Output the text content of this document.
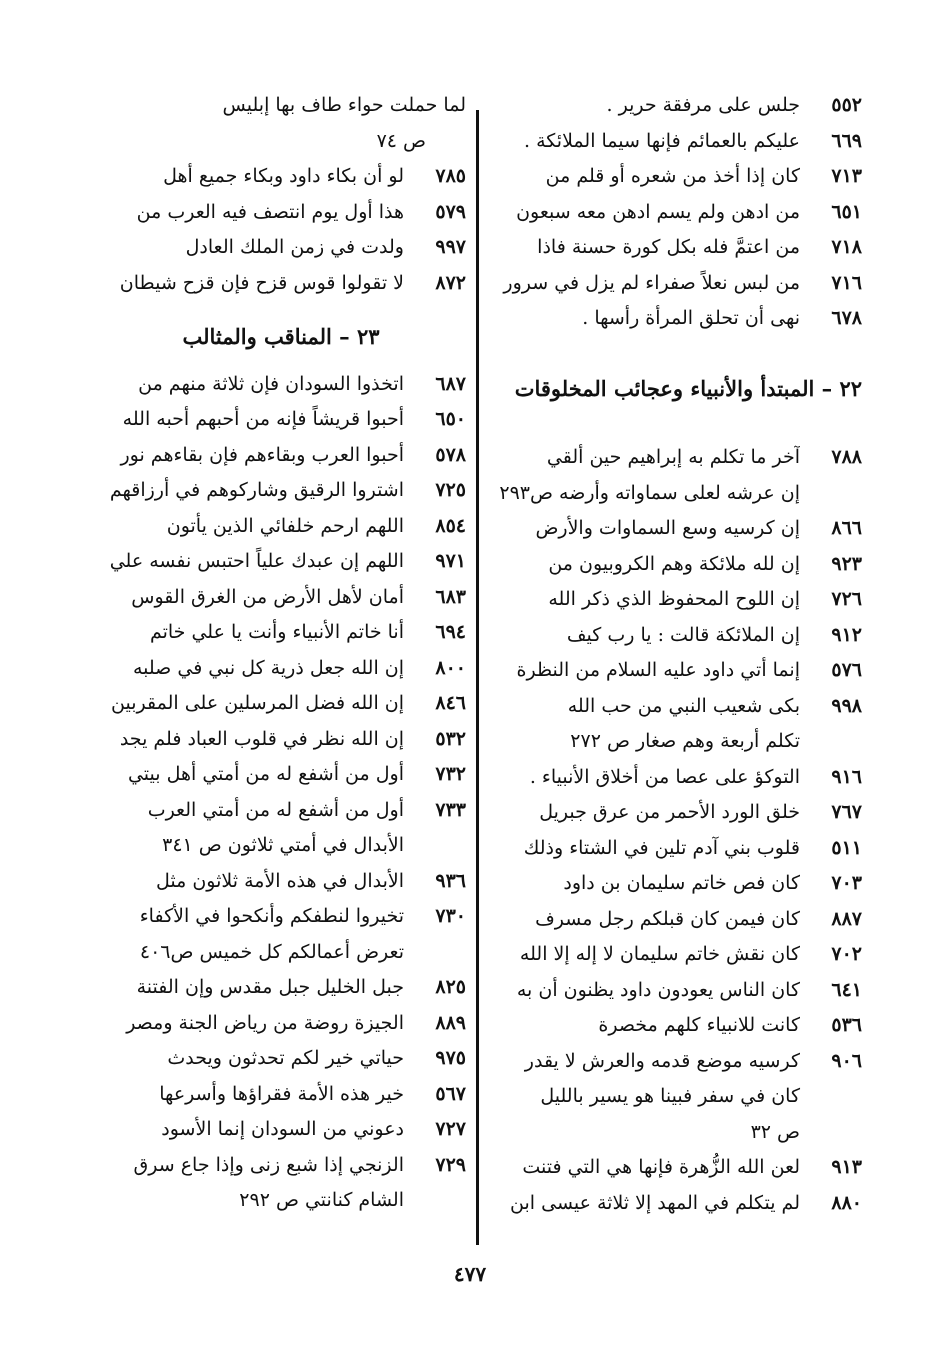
٥٥٢
جلس على مرفقة حرير .
٦٦٩
عليكم بالعمائم فإنها سيما الملائكة .
٧١٣
كان إذا أخذ من شعره أو قلم من
٦٥١
من ادهن ولم يسم ادهن معه سبعون
٧١٨
من اعتمَّ فله بكل كورة حسنة فاذا
٧١٦
من لبس نعلاً صفراء لم يزل في سرور
٦٧٨
نهى أن تحلق المرأة رأسها .
٢٢ – المبتدأ والأنبياء وعجائب المخلوقات
٧٨٨
آخر ما تكلم به إبراهيم حين ألقي
إن عرشه لعلى سماواته وأرضه ص٢٩٣
٨٦٦
إن كرسيه وسع السماوات والأرض
٩٢٣
إن لله ملائكة وهم الكروبيون من
٧٢٦
إن اللوح المحفوظ الذي ذكر الله
٩١٢
إن الملائكة قالت : يا رب كيف
٥٧٦
إنما أتي داود عليه السلام من النظرة
٩٩٨
بكى شعيب النبي من حب الله
تكلم أربعة وهم صغار ص ٢٧٢
٩١٦
التوكؤ على عصا من أخلاق الأنبياء .
٧٦٧
خلق الورد الأحمر من عرق جبريل
٥١١
قلوب بني آدم تلين في الشتاء وذلك
٧٠٣
كان فص خاتم سليمان بن داود
٨٨٧
كان فيمن كان قبلكم رجل مسرف
٧٠٢
كان نقش خاتم سليمان لا إله إلا الله
٦٤١
كان الناس يعودون داود يظنون أن به
٥٣٦
كانت للانبياء كلهم مخصرة
٩٠٦
كرسيه موضع قدمه والعرش لا يقدر
كان في سفر فبينا هو يسير بالليل
ص ٣٢
٩١٣
لعن الله الزُّهرة فإنها هي التي فتنت
٨٨٠
لم يتكلم في المهد إلا ثلاثة عيسى ابن
لما حملت حواء طاف بها إبليس
ص ٧٤
٧٨٥
لو أن بكاء داود وبكاء جميع أهل
٥٧٩
هذا أول يوم انتصف فيه العرب من
٩٩٧
ولدت في زمن الملك العادل
٨٧٢
لا تقولوا قوس قزح فإن قزح شيطان
٢٣ – المناقب والمثالب
٦٨٧
اتخذوا السودان فإن ثلاثة منهم من
٦٥٠
أحبوا قريشاً فإنه من أحبهم أحبه الله
٥٧٨
أحبوا العرب وبقاءهم فإن بقاءهم نور
٧٢٥
اشتروا الرقيق وشاركوهم في أرزاقهم
٨٥٤
اللهم ارحم خلفائي الذين يأتون
٩٧١
اللهم إن عبدك علياً احتبس نفسه علي
٦٨٣
أمان لأهل الأرض من الغرق القوس
٦٩٤
أنا خاتم الأنبياء وأنت يا علي خاتم
٨٠٠
إن الله جعل ذرية كل نبي في صلبه
٨٤٦
إن الله فضل المرسلين على المقربين
٥٣٢
إن الله نظر في قلوب العباد فلم يجد
٧٣٢
أول من أشفع له من أمتي أهل بيتي
٧٣٣
أول من أشفع له من أمتي العرب
الأبدال في أمتي ثلاثون ص ٣٤١
٩٣٦
الأبدال في هذه الأمة ثلاثون مثل
٧٣٠
تخيروا لنطفكم وأنكحوا في الأكفاء
تعرض أعمالكم كل خميس ص٤٠٦
٨٢٥
جبل الخليل جبل مقدس وإن الفتنة
٨٨٩
الجيزة روضة من رياض الجنة ومصر
٩٧٥
حياتي خير لكم تحدثون ويحدث
٥٦٧
خير هذه الأمة فقراؤها وأسرعها
٧٢٧
دعوني من السودان إنما الأسود
٧٢٩
الزنجي إذا شبع زنى وإذا جاع سرق
الشام كنانتي ص ٢٩٢
٤٧٧
